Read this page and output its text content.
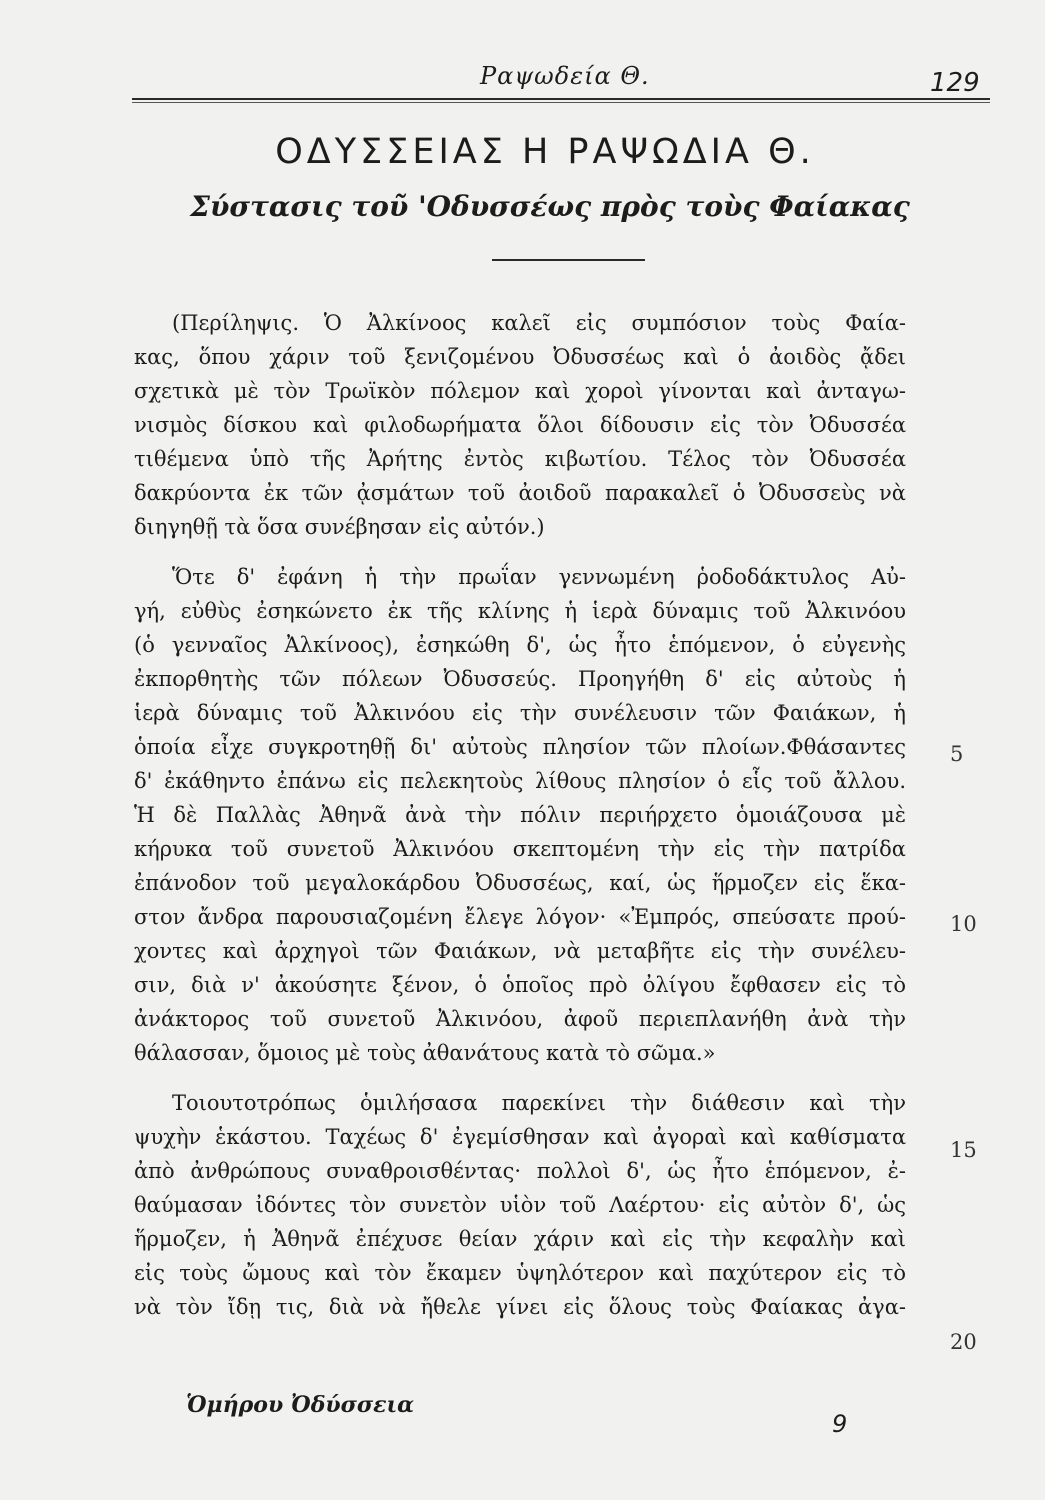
Ραψωδεία Θ.	129
ΟΔΥΣΣΕΙΑΣ Η ΡΑΨΩΔΙΑ Θ.
Σύστασις τοῦ 'Οδυσσέως πρὸς τοὺς Φαίακας
(Περίληψις. Ὁ Ἀλκίνοος καλεῖ εἰς συμπόσιον τοὺς Φαία-
κας, ὅπου χάριν τοῦ ξενιζομένου Ὀδυσσέως καὶ ὁ ἀοιδὸς ᾄδει
σχετικὰ μὲ τὸν Τρωϊκὸν πόλεμον καὶ χοροὶ γίνονται καὶ ἀνταγω-
νισμὸς δίσκου καὶ φιλοδωρήματα ὅλοι δίδουσιν εἰς τὸν Ὀδυσσέα
τιθέμενα ὑπὸ τῆς Ἀρήτης ἐντὸς κιβωτίου. Τέλος τὸν Ὀδυσσέα
δακρύοντα ἐκ τῶν ᾀσμάτων τοῦ ἀοιδοῦ παρακαλεῖ ὁ Ὀδυσσεὺς νὰ
διηγηθῇ τὰ ὅσα συνέβησαν εἰς αὐτόν.)
Ὅτε δ' ἐφάνη ἡ τὴν πρωΐαν γεννωμένη ῥοδοδάκτυλος Αὐ-
γή, εὐθὺς ἐσηκώνετο ἐκ τῆς κλίνης ἡ ἱερὰ δύναμις τοῦ Ἀλκινόου
(ὁ γενναῖος Ἀλκίνοος), ἐσηκώθη δ', ὡς ἦτο ἑπόμενον, ὁ εὐγενὴς
ἐκπορθητὴς τῶν πόλεων Ὀδυσσεύς. Προηγήθη δ' εἰς αὐτοὺς ἡ
ἱερὰ δύναμις τοῦ Ἀλκινόου εἰς τὴν συνέλευσιν τῶν Φαιάκων, ἡ
ὁποία εἶχε συγκροτηθῇ δι' αὐτοὺς πλησίον τῶν πλοίων.Φθάσαντες
δ' ἐκάθηντο ἐπάνω εἰς πελεκητοὺς λίθους πλησίον ὁ εἷς τοῦ ἄλλου.
Ἡ δὲ Παλλὰς Ἀθηνᾶ ἀνὰ τὴν πόλιν περιήρχετο ὁμοιάζουσα μὲ
κήρυκα τοῦ συνετοῦ Ἀλκινόου σκεπτομένη τὴν εἰς τὴν πατρίδα
ἐπάνοδον τοῦ μεγαλοκάρδου Ὀδυσσέως, καί, ὡς ἥρμοζεν εἰς ἕκα-
στον ἄνδρα παρουσιαζομένη ἔλεγε λόγον· «Ἐμπρός, σπεύσατε πρού-
χοντες καὶ ἀρχηγοὶ τῶν Φαιάκων, νὰ μεταβῆτε εἰς τὴν συνέλευ-
σιν, διὰ ν' ἀκούσητε ξένον, ὁ ὁποῖος πρὸ ὀλίγου ἔφθασεν εἰς τὸ
ἀνάκτορος τοῦ συνετοῦ Ἀλκινόου, ἀφοῦ περιεπλανήθη ἀνὰ τὴν
θάλασσαν, ὅμοιος μὲ τοὺς ἀθανάτους κατὰ τὸ σῶμα.»
Τοιουτοτρόπως ὁμιλήσασα παρεκίνει τὴν διάθεσιν καὶ τὴν
ψυχὴν ἑκάστου. Ταχέως δ' ἐγεμίσθησαν καὶ ἀγοραὶ καὶ καθίσματα
ἀπὸ ἀνθρώπους συναθροισθέντας· πολλοὶ δ', ὡς ἦτο ἑπόμενον, ἐ-
θαύμασαν ἰδόντες τὸν συνετὸν υἱὸν τοῦ Λαέρτου· εἰς αὐτὸν δ', ὡς
ἥρμοζεν, ἡ Ἀθηνᾶ ἐπέχυσε θείαν χάριν καὶ εἰς τὴν κεφαλὴν καὶ
εἰς τοὺς ὤμους καὶ τὸν ἔκαμεν ὑψηλότερον καὶ παχύτερον εἰς τὸ
νὰ τὸν ἴδῃ τις, διὰ νὰ ἤθελε γίνει εἰς ὅλους τοὺς Φαίακας ἀγα-
5
10
15
20
Ὁμήρου Ὀδύσσεια
9
